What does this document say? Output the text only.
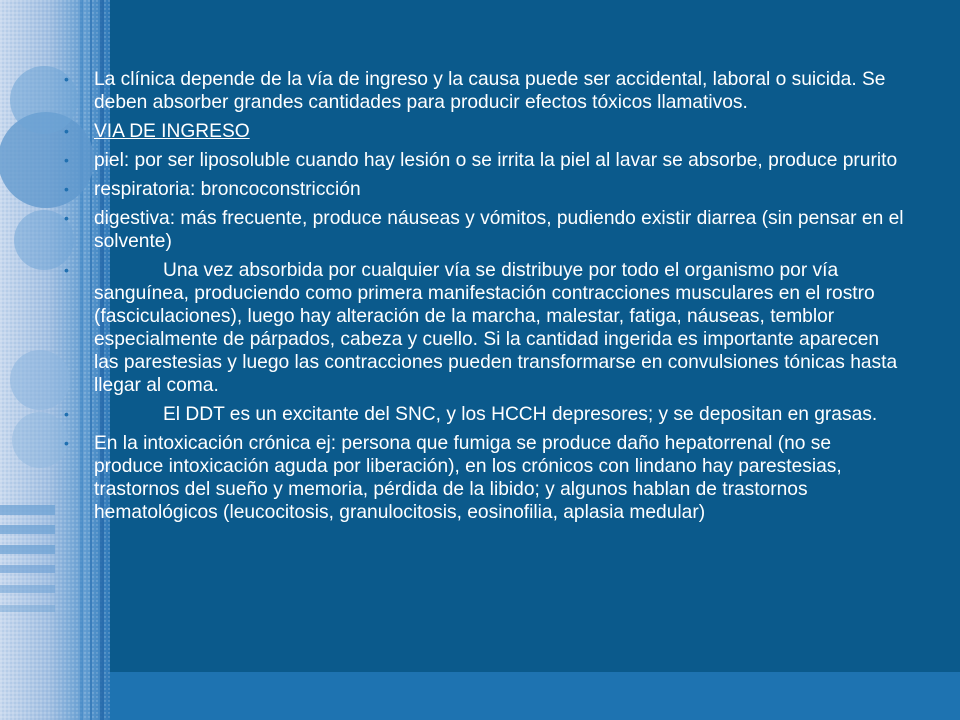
• La clínica depende de la vía de ingreso y la causa puede ser accidental, laboral o suicida. Se deben absorber grandes cantidades para producir efectos tóxicos llamativos.

• VIA DE INGRESO

• piel: por ser liposoluble cuando hay lesión o se irrita la piel al lavar se absorbe, produce prurito

• respiratoria: broncoconstricción

• digestiva: más frecuente, produce náuseas y vómitos, pudiendo existir diarrea (sin pensar en el solvente)

•	Una vez absorbida por cualquier vía se distribuye por todo el organismo por vía sanguínea, produciendo como primera manifestación contracciones musculares en el rostro (fasciculaciones), luego hay alteración de la marcha, malestar, fatiga, náuseas, temblor especialmente de párpados, cabeza y cuello. Si la cantidad ingerida es importante aparecen las parestesias y luego las contracciones pueden transformarse en convulsiones tónicas hasta llegar al coma.

•	El DDT es un excitante del SNC, y los HCCH depresores; y se depositan en grasas.

• En la intoxicación crónica ej: persona que fumiga se produce daño hepatorrenal (no se produce intoxicación aguda por liberación), en los crónicos con lindano hay parestesias, trastornos del sueño y memoria, pérdida de la libido; y algunos hablan de trastornos hematológicos (leucocitosis, granulocitosis, eosinofilia, aplasia medular)
